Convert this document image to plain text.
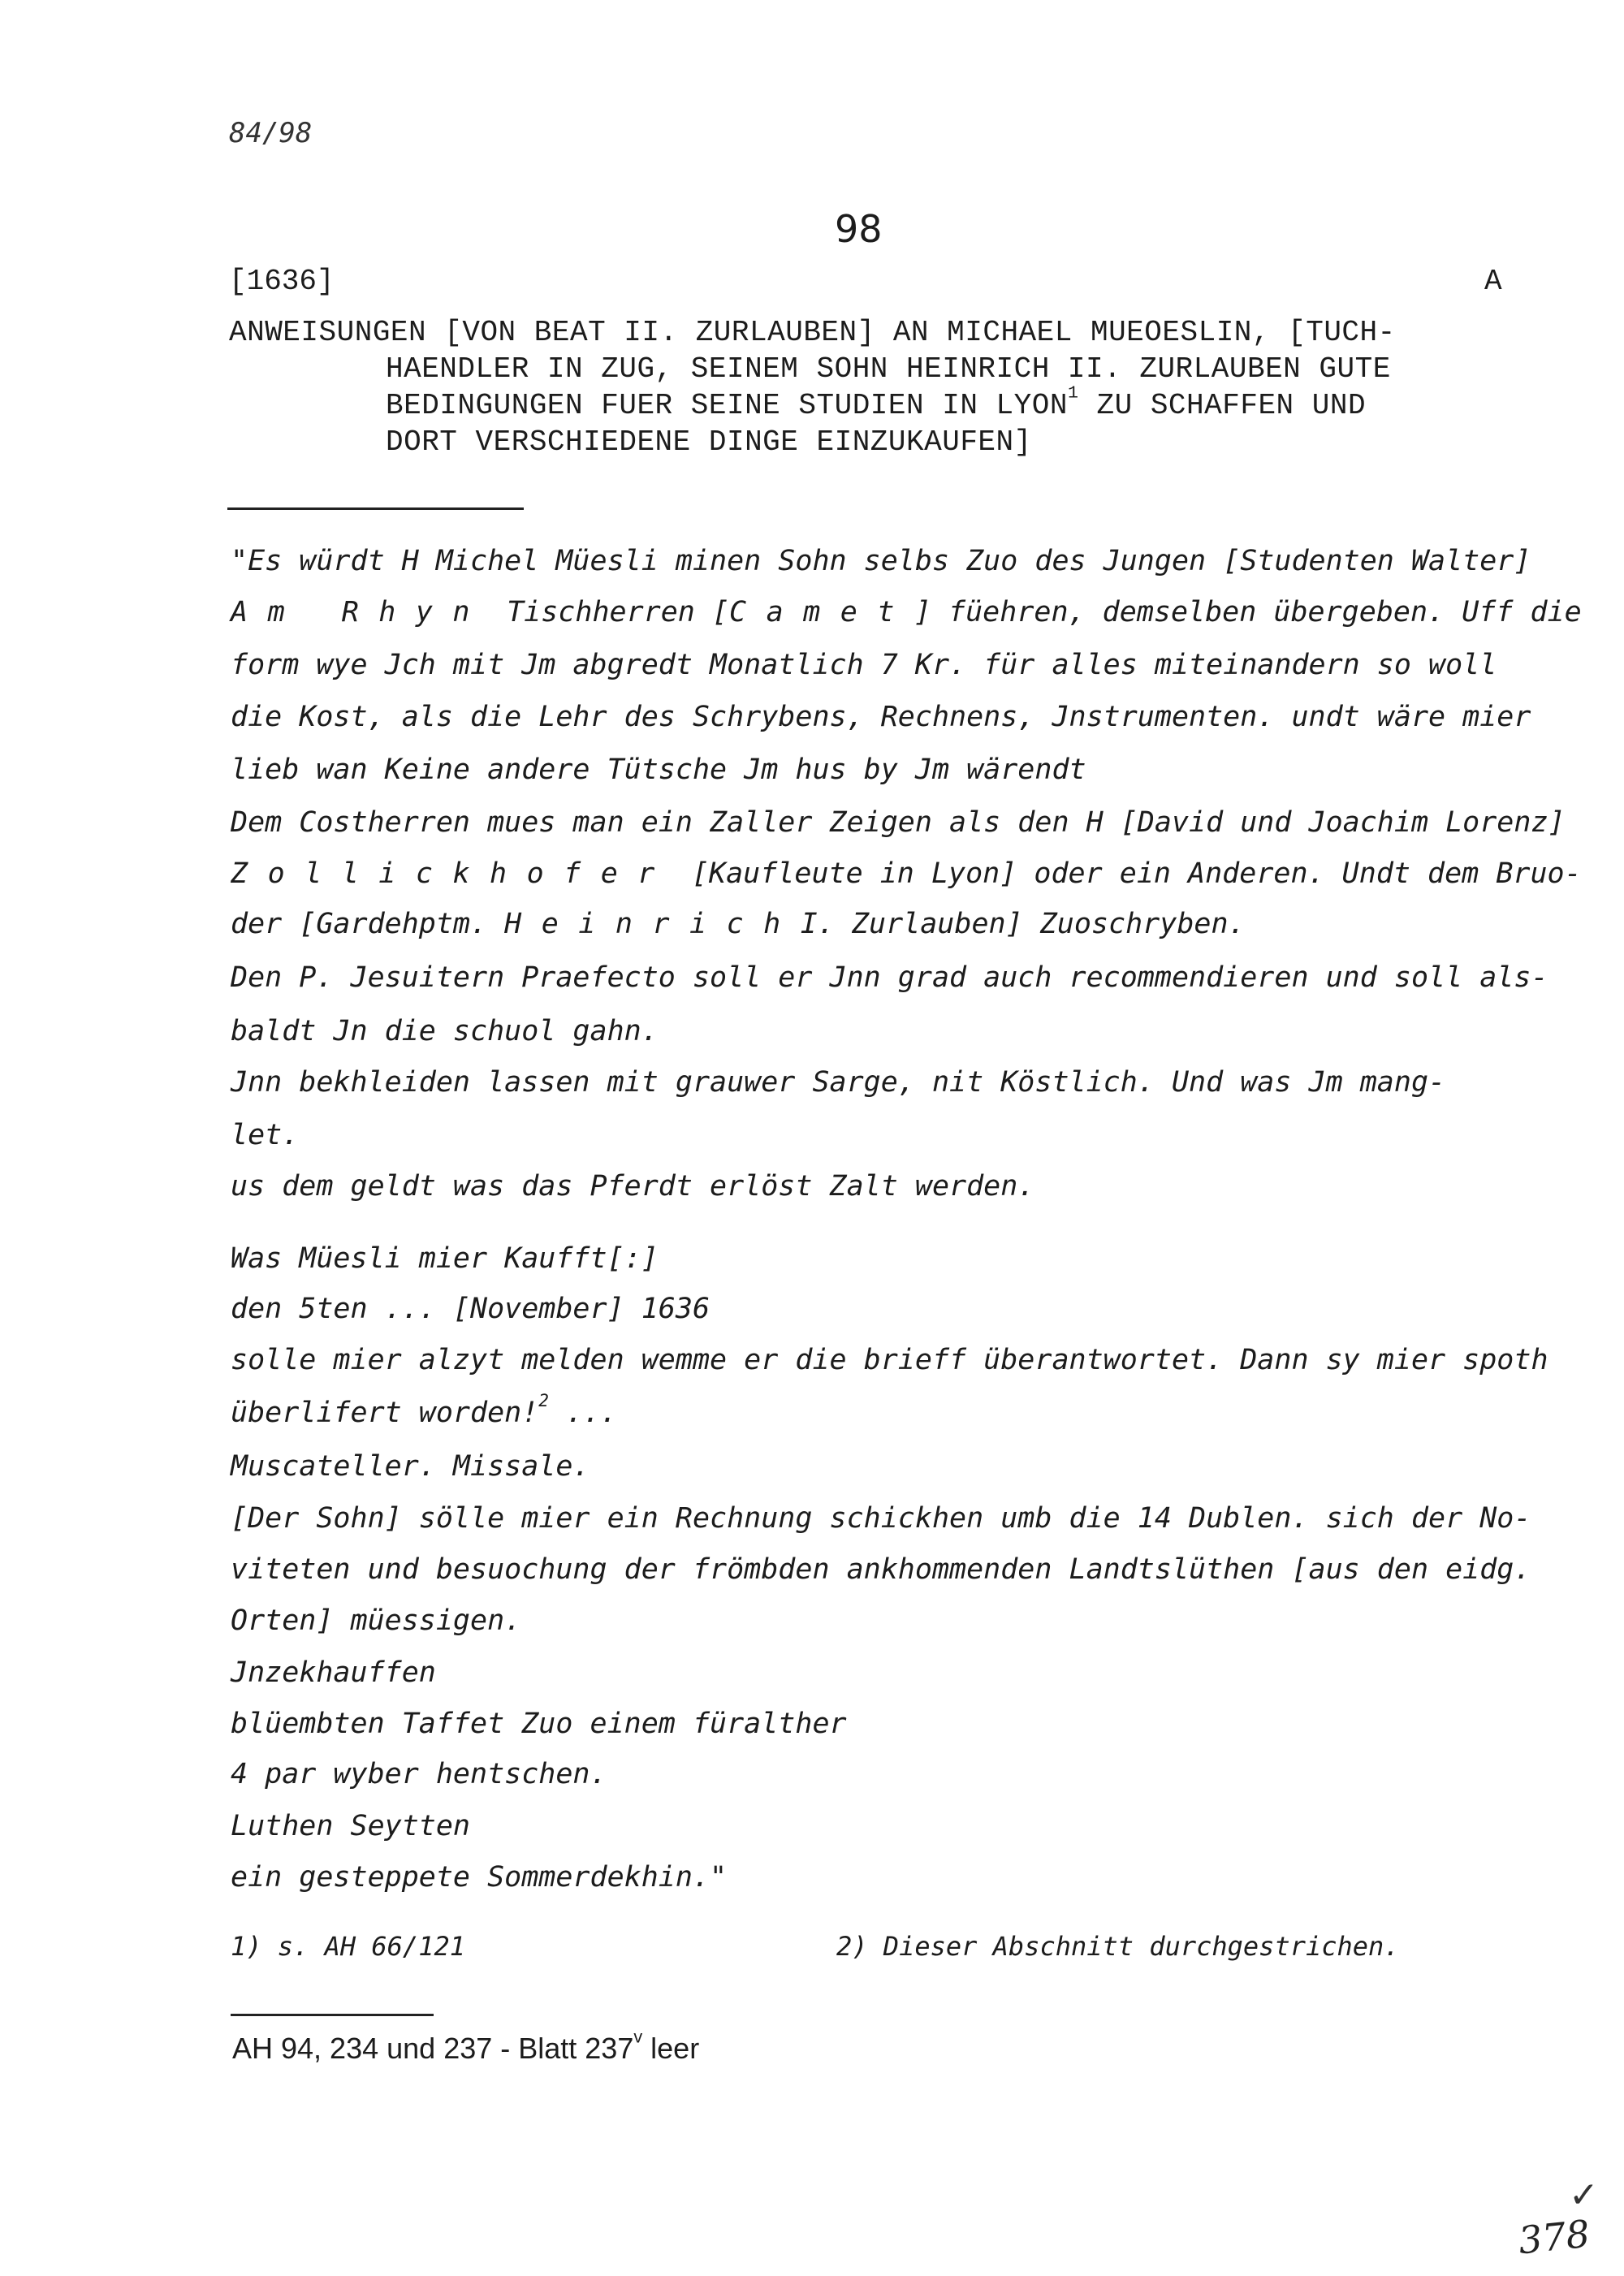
84/98
98
[1636]	A
ANWEISUNGEN [VON BEAT II. ZURLAUBEN] AN MICHAEL MUEOESLIN, [TUCH-
HAENDLER IN ZUG, SEINEM SOHN HEINRICH II. ZURLAUBEN GUTE
BEDINGUNGEN FUER SEINE STUDIEN IN LYON$^1$ ZU SCHAFFEN UND
DORT VERSCHIEDENE DINGE EINZUKAUFEN]
"Es würdt H Michel Müesli minen Sohn selbs Zuo des Jungen [Studenten Walter]
Am Rhyn Tischherren [Camet] füehren, demselben übergeben. Uff die
form wye Jch mit Jm abgredt Monatlich 7 Kr. für alles miteinandern so woll
die Kost, als die Lehr des Schrybens, Rechnens, Jnstrumenten. undt wäre mier
lieb wan Keine andere Tütsche Jm hus by Jm wärendt
Dem Costherren mues man ein Zaller Zeigen als den H [David und Joachim Lorenz]
Zollickhofer [Kaufleute in Lyon] oder ein Anderen. Undt dem Bruo-
der [Gardehptm. HeinrichI. Zurlauben] Zuoschryben.
Den P. Jesuitern Praefecto soll er Jnn grad auch recommendieren und soll als-
baldt Jn die schuol gahn.
Jnn bekhleiden lassen mit grauwer Sarge, nit Köstlich. Und was Jm mang-
let.
us dem geldt was das Pferdt erlöst Zalt werden.
Was Müesli mier Kaufft[:]
den 5ten ... [November] 1636
solle mier alzyt melden wemme er die brieff überantwortet. Dann sy mier spoth
überlifert worden!$^2$ ...
Muscateller. Missale.
[Der Sohn] sölle mier ein Rechnung schickhen umb die 14 Dublen. sich der No-
viteten und besuochung der frömbden ankhommenden Landtslüthen [aus den eidg.
Orten] müessigen.
Jnzekhauffen
blüembten Taffet Zuo einem füralther
4 par wyber hentschen.
Luthen Seytten
ein gesteppete Sommerdekhin."
1) s. AH 66/121	2) Dieser Abschnitt durchgestrichen.
AH 94, 234 und 237 - Blatt 237$^v$ leer
✓
378
